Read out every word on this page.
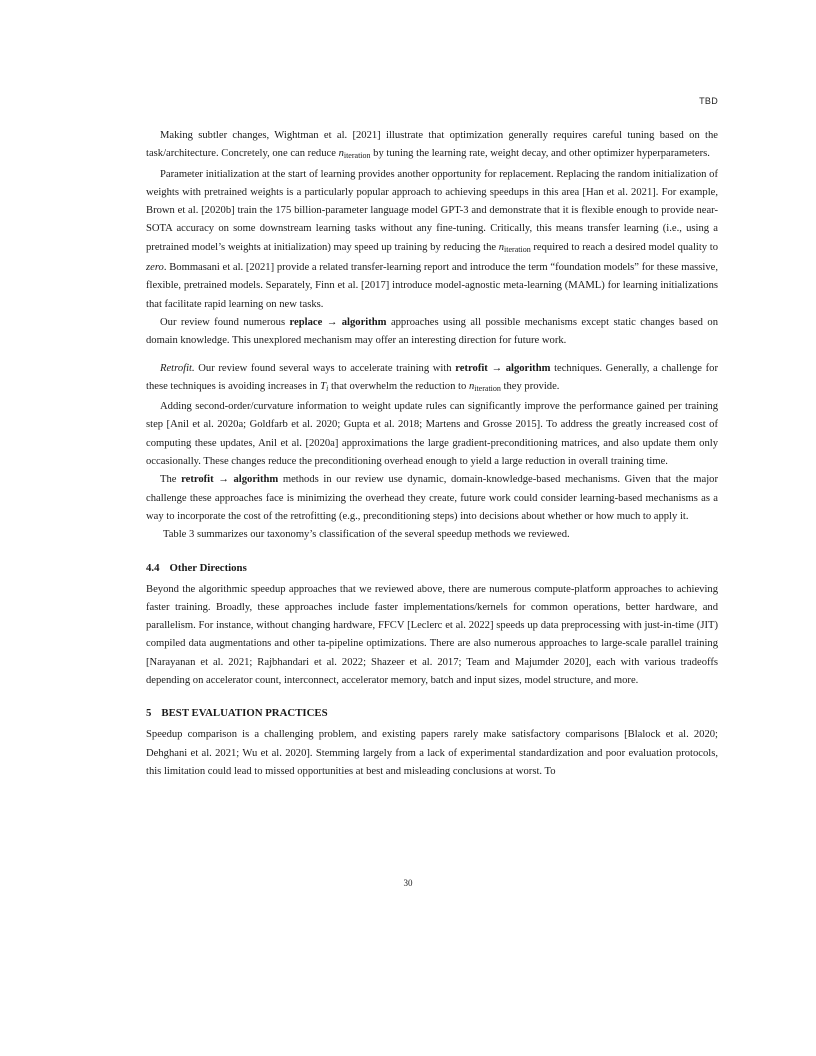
TBD

Making subtler changes, Wightman et al. [2021] illustrate that optimization generally requires careful tuning based on the task/architecture. Concretely, one can reduce $n_{iteration}$ by tuning the learning rate, weight decay, and other optimizer hyperparameters.

Parameter initialization at the start of learning provides another opportunity for replacement. Replacing the random initialization of weights with pretrained weights is a particularly popular approach to achieving speedups in this area [Han et al. 2021]. For example, Brown et al. [2020b] train the 175 billion-parameter language model GPT-3 and demonstrate that it is flexible enough to provide near-SOTA accuracy on some downstream learning tasks without any fine-tuning. Critically, this means transfer learning (i.e., using a pretrained model’s weights at initialization) may speed up training by reducing the $n_{iteration}$ required to reach a desired model quality to zero. Bommasani et al. [2021] provide a related transfer-learning report and introduce the term “foundation models” for these massive, flexible, pretrained models. Separately, Finn et al. [2017] introduce model-agnostic meta-learning (MAML) for learning initializations that facilitate rapid learning on new tasks.

Our review found numerous replace → algorithm approaches using all possible mechanisms except static changes based on domain knowledge. This unexplored mechanism may offer an interesting direction for future work.

Retrofit. Our review found several ways to accelerate training with retrofit → algorithm techniques. Generally, a challenge for these techniques is avoiding increases in $T_i$ that overwhelm the reduction to $n_{iteration}$ they provide.

Adding second-order/curvature information to weight update rules can significantly improve the performance gained per training step [Anil et al. 2020a; Goldfarb et al. 2020; Gupta et al. 2018; Martens and Grosse 2015]. To address the greatly increased cost of computing these updates, Anil et al. [2020a] approximations the large gradient-preconditioning matrices, and also update them only occasionally. These changes reduce the preconditioning overhead enough to yield a large reduction in overall training time.

The retrofit → algorithm methods in our review use dynamic, domain-knowledge-based mechanisms. Given that the major challenge these approaches face is minimizing the overhead they create, future work could consider learning-based mechanisms as a way to incorporate the cost of the retrofitting (e.g., preconditioning steps) into decisions about whether or how much to apply it.

Table 3 summarizes our taxonomy’s classification of the several speedup methods we reviewed.

4.4 Other Directions

Beyond the algorithmic speedup approaches that we reviewed above, there are numerous compute-platform approaches to achieving faster training. Broadly, these approaches include faster implementations/kernels for common operations, better hardware, and parallelism. For instance, without changing hardware, FFCV [Leclerc et al. 2022] speeds up data preprocessing with just-in-time (JIT) compiled data augmentations and other ta-pipeline optimizations. There are also numerous approaches to large-scale parallel training [Narayanan et al. 2021; Rajbhandari et al. 2022; Shazeer et al. 2017; Team and Majumder 2020], each with various tradeoffs depending on accelerator count, interconnect, accelerator memory, batch and input sizes, model structure, and more.

5 BEST EVALUATION PRACTICES

Speedup comparison is a challenging problem, and existing papers rarely make satisfactory comparisons [Blalock et al. 2020; Dehghani et al. 2021; Wu et al. 2020]. Stemming largely from a lack of experimental standardization and poor evaluation protocols, this limitation could lead to missed opportunities at best and misleading conclusions at worst. To

30
